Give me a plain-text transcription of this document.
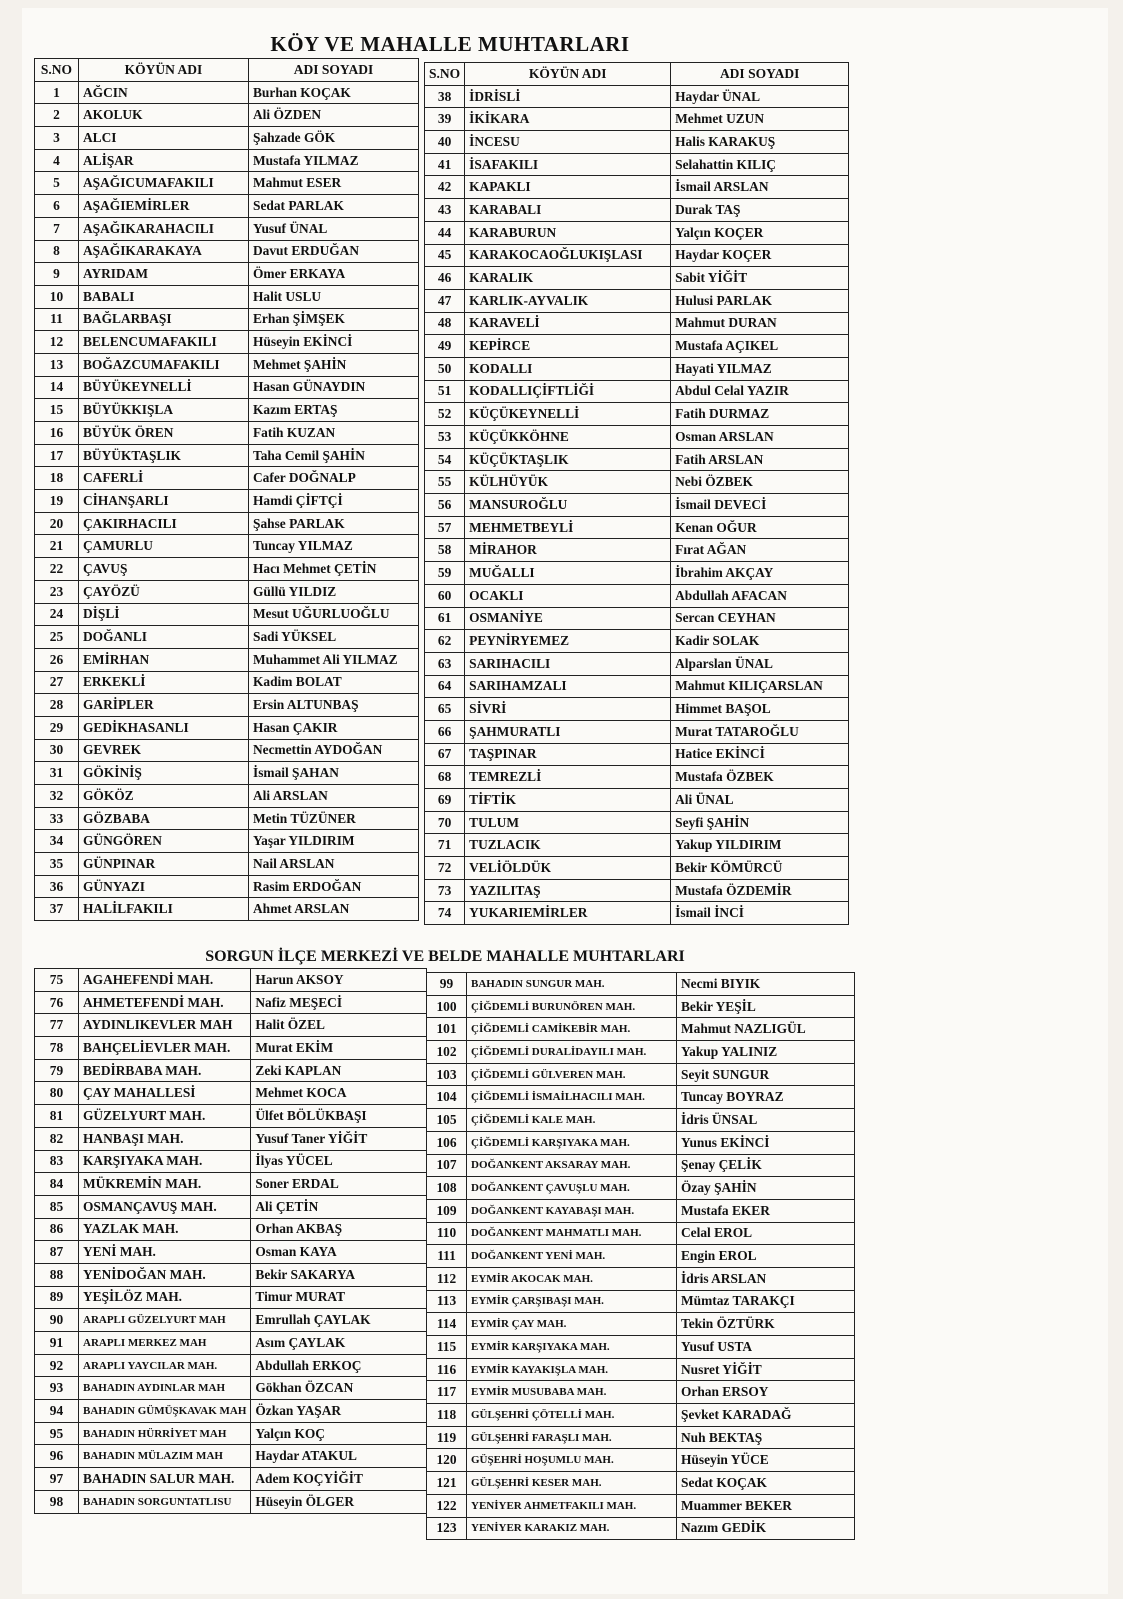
KÖY VE MAHALLE MUHTARLARI
S.NO	KÖYÜN ADI	ADI SOYADI
1	AĞCIN	Burhan KOÇAK
2	AKOLUK	Ali ÖZDEN
3	ALCI	Şahzade GÖK
4	ALİŞAR	Mustafa YILMAZ
5	AŞAĞICUMAFAKILI	Mahmut ESER
6	AŞAĞIEMİRLER	Sedat PARLAK
7	AŞAĞIKARAHACILI	Yusuf ÜNAL
8	AŞAĞIKARAKAYA	Davut ERDUĞAN
9	AYRIDAM	Ömer ERKAYA
10	BABALI	Halit USLU
11	BAĞLARBAŞI	Erhan ŞİMŞEK
12	BELENCUMAFAKILI	Hüseyin EKİNCİ
13	BOĞAZCUMAFAKILI	Mehmet ŞAHİN
14	BÜYÜKEYNELLİ	Hasan GÜNAYDIN
15	BÜYÜKKIŞLA	Kazım ERTAŞ
16	BÜYÜK ÖREN	Fatih KUZAN
17	BÜYÜKTAŞLIK	Taha Cemil ŞAHİN
18	CAFERLİ	Cafer DOĞNALP
19	CİHANŞARLI	Hamdi ÇİFTÇİ
20	ÇAKIRHACILI	Şahse PARLAK
21	ÇAMURLU	Tuncay YILMAZ
22	ÇAVUŞ	Hacı Mehmet ÇETİN
23	ÇAYÖZÜ	Güllü YILDIZ
24	DİŞLİ	Mesut UĞURLUOĞLU
25	DOĞANLI	Sadi YÜKSEL
26	EMİRHAN	Muhammet Ali YILMAZ
27	ERKEKLİ	Kadim BOLAT
28	GARİPLER	Ersin ALTUNBAŞ
29	GEDİKHASANLI	Hasan ÇAKIR
30	GEVREK	Necmettin AYDOĞAN
31	GÖKİNİŞ	İsmail ŞAHAN
32	GÖKÖZ	Ali ARSLAN
33	GÖZBABA	Metin TÜZÜNER
34	GÜNGÖREN	Yaşar YILDIRIM
35	GÜNPINAR	Nail ARSLAN
36	GÜNYAZI	Rasim ERDOĞAN
37	HALİLFAKILI	Ahmet ARSLAN
S.NO	KÖYÜN ADI	ADI SOYADI
38	İDRİSLİ	Haydar ÜNAL
39	İKİKARA	Mehmet UZUN
40	İNCESU	Halis KARAKUŞ
41	İSAFAKILI	Selahattin KILIÇ
42	KAPAKLI	İsmail ARSLAN
43	KARABALI	Durak TAŞ
44	KARABURUN	Yalçın KOÇER
45	KARAKOCAOĞLUKIŞLASI	Haydar KOÇER
46	KARALIK	Sabit YİĞİT
47	KARLIK-AYVALIK	Hulusi PARLAK
48	KARAVELİ	Mahmut DURAN
49	KEPİRCE	Mustafa AÇIKEL
50	KODALLI	Hayati YILMAZ
51	KODALLIÇİFTLİĞİ	Abdul Celal YAZIR
52	KÜÇÜKEYNELLİ	Fatih DURMAZ
53	KÜÇÜKKÖHNE	Osman ARSLAN
54	KÜÇÜKTAŞLIK	Fatih ARSLAN
55	KÜLHÜYÜK	Nebi ÖZBEK
56	MANSUROĞLU	İsmail DEVECİ
57	MEHMETBEYLİ	Kenan OĞUR
58	MİRAHOR	Fırat AĞAN
59	MUĞALLI	İbrahim AKÇAY
60	OCAKLI	Abdullah AFACAN
61	OSMANİYE	Sercan CEYHAN
62	PEYNİRYEMEZ	Kadir SOLAK
63	SARIHACILI	Alparslan ÜNAL
64	SARIHAMZALI	Mahmut KILIÇARSLAN
65	SİVRİ	Himmet BAŞOL
66	ŞAHMURATLI	Murat TATAROĞLU
67	TAŞPINAR	Hatice EKİNCİ
68	TEMREZLİ	Mustafa ÖZBEK
69	TİFTİK	Ali ÜNAL
70	TULUM	Seyfi ŞAHİN
71	TUZLACIK	Yakup YILDIRIM
72	VELİÖLDÜK	Bekir KÖMÜRCÜ
73	YAZILITAŞ	Mustafa ÖZDEMİR
74	YUKARIEMİRLER	İsmail İNCİ
SORGUN İLÇE MERKEZİ VE BELDE MAHALLE MUHTARLARI
75	AGAHEFENDİ MAH.	Harun AKSOY
76	AHMETEFENDİ MAH.	Nafiz MEŞECİ
77	AYDINLIKEVLER MAH	Halit ÖZEL
78	BAHÇELİEVLER MAH.	Murat EKİM
79	BEDİRBABA MAH.	Zeki KAPLAN
80	ÇAY MAHALLESİ	Mehmet KOCA
81	GÜZELYURT MAH.	Ülfet BÖLÜKBAŞI
82	HANBAŞI MAH.	Yusuf Taner YİĞİT
83	KARŞIYAKA MAH.	İlyas YÜCEL
84	MÜKREMİN MAH.	Soner ERDAL
85	OSMANÇAVUŞ MAH.	Ali ÇETİN
86	YAZLAK MAH.	Orhan AKBAŞ
87	YENİ MAH.	Osman KAYA
88	YENİDOĞAN MAH.	Bekir SAKARYA
89	YEŞİLÖZ MAH.	Timur MURAT
90	ARAPLI GÜZELYURT MAH	Emrullah ÇAYLAK
91	ARAPLI MERKEZ MAH	Asım ÇAYLAK
92	ARAPLI YAYCILAR MAH.	Abdullah ERKOÇ
93	BAHADIN AYDINLAR MAH	Gökhan ÖZCAN
94	BAHADIN GÜMÜŞKAVAK MAH	Özkan YAŞAR
95	BAHADIN HÜRRİYET MAH	Yalçın KOÇ
96	BAHADIN MÜLAZIM MAH	Haydar ATAKUL
97	BAHADIN SALUR MAH.	Adem KOÇYİĞİT
98	BAHADIN SORGUNTATLISU	Hüseyin ÖLGER
99	BAHADIN SUNGUR MAH.	Necmi BIYIK
100	ÇİĞDEMLİ BURUNÖREN MAH.	Bekir YEŞİL
101	ÇİĞDEMLİ CAMİKEBİR MAH.	Mahmut NAZLIGÜL
102	ÇİĞDEMLİ DURALİDAYILI MAH.	Yakup YALINIZ
103	ÇİĞDEMLİ GÜLVEREN MAH.	Seyit SUNGUR
104	ÇİĞDEMLİ İSMAİLHACILI MAH.	Tuncay BOYRAZ
105	ÇİĞDEMLİ KALE MAH.	İdris ÜNSAL
106	ÇİĞDEMLİ KARŞIYAKA MAH.	Yunus EKİNCİ
107	DOĞANKENT AKSARAY MAH.	Şenay ÇELİK
108	DOĞANKENT ÇAVUŞLU MAH.	Özay ŞAHİN
109	DOĞANKENT KAYABAŞI MAH.	Mustafa EKER
110	DOĞANKENT MAHMATLI MAH.	Celal EROL
111	DOĞANKENT YENİ MAH.	Engin EROL
112	EYMİR AKOCAK MAH.	İdris ARSLAN
113	EYMİR ÇARŞIBAŞI MAH.	Mümtaz TARAKÇI
114	EYMİR ÇAY MAH.	Tekin ÖZTÜRK
115	EYMİR KARŞIYAKA MAH.	Yusuf USTA
116	EYMİR KAYAKIŞLA MAH.	Nusret YİĞİT
117	EYMİR MUSUBABA MAH.	Orhan ERSOY
118	GÜLŞEHRİ ÇÖTELLİ MAH.	Şevket KARADAĞ
119	GÜLŞEHRİ FARAŞLI MAH.	Nuh BEKTAŞ
120	GÜŞEHRİ HOŞUMLU MAH.	Hüseyin YÜCE
121	GÜLŞEHRİ KESER MAH.	Sedat KOÇAK
122	YENİYER AHMETFAKILI MAH.	Muammer BEKER
123	YENİYER KARAKIZ MAH.	Nazım GEDİK
